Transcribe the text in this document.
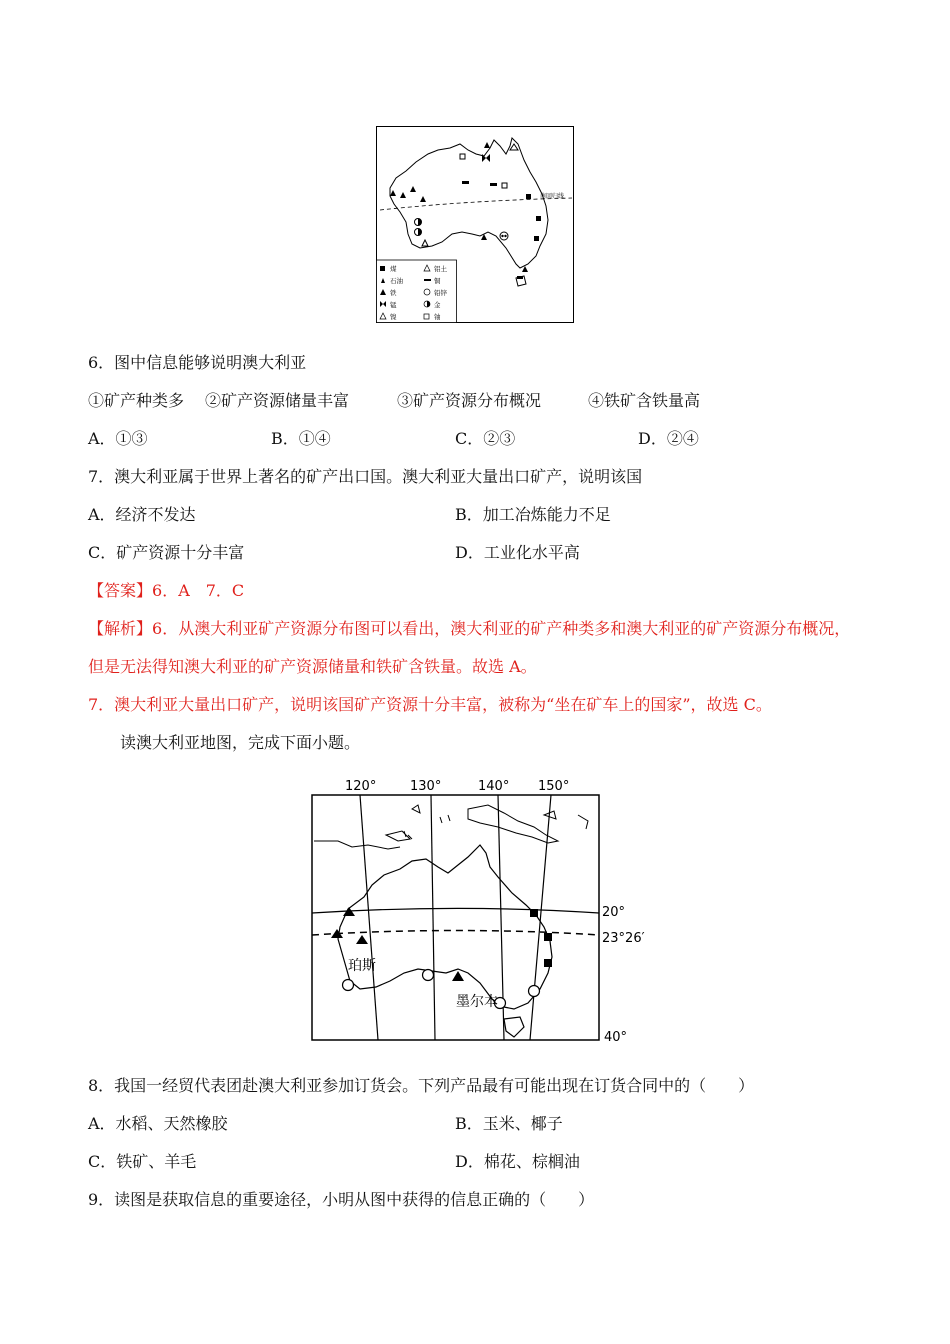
南回归线
煤	铝土
石油	铜
铁	铅锌
锰	金
镍	铀
6．图中信息能够说明澳大利亚
①矿产种类多 ②矿产资源储量丰富	③矿产资源分布概况	④铁矿含铁量高
A．①③	B．①④	C．②③	D．②④
7．澳大利亚属于世界上著名的矿产出口国。澳大利亚大量出口矿产，说明该国
A．经济不发达	B．加工冶炼能力不足
C．矿产资源十分丰富	D．工业化水平高
【答案】6．A　7．C
【解析】6．从澳大利亚矿产资源分布图可以看出，澳大利亚的矿产种类多和澳大利亚的矿产资源分布概况，
但是无法得知澳大利亚的矿产资源储量和铁矿含铁量。故选 A。
7．澳大利亚大量出口矿产，说明该国矿产资源十分丰富，被称为“坐在矿车上的国家”，故选 C。
读澳大利亚地图，完成下面小题。
120°	130°	140° 150°
20°
23°26′
40°
珀斯
墨尔本
8．我国一经贸代表团赴澳大利亚参加订货会。下列产品最有可能出现在订货合同中的（　　）
A．水稻、天然橡胶	B．玉米、椰子
C．铁矿、羊毛	D．棉花、棕榈油
9．读图是获取信息的重要途径，小明从图中获得的信息正确的（　　）
